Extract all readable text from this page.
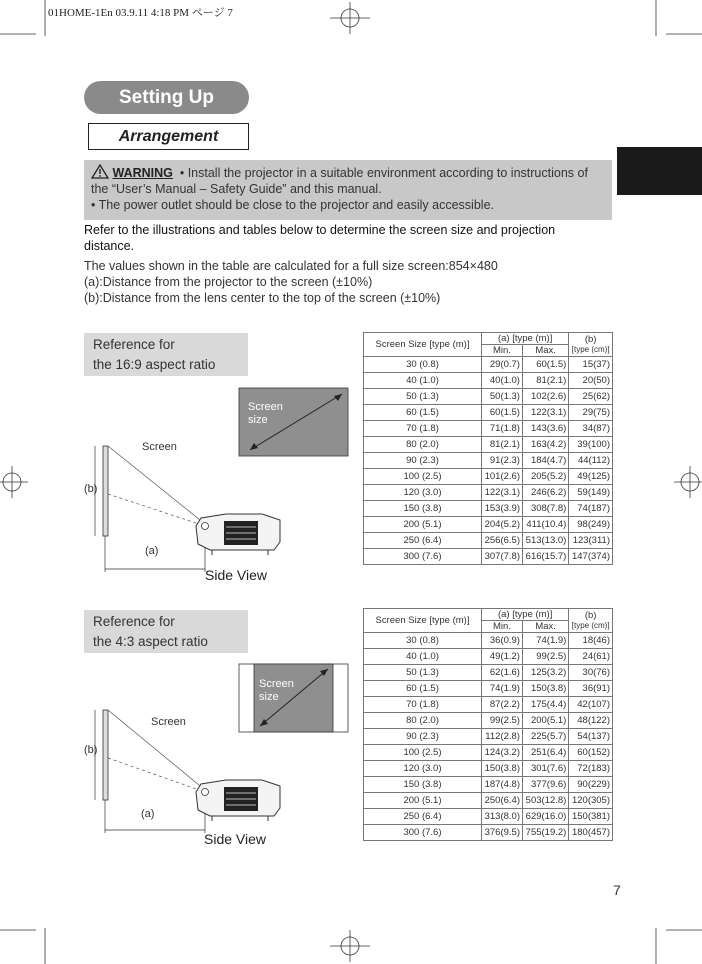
01HOME-1En 03.9.11 4:18 PM ページ 7
Setting Up
Arrangement
WARNING • Install the projector in a suitable environment according to instructions of the “User’s Manual – Safety Guide” and this manual.
• The power outlet should be close to the projector and easily accessible.
Refer to the illustrations and tables below to determine the screen size and projection distance.
The values shown in the table are calculated for a full size screen:854×480
(a):Distance from the projector to the screen (±10%)
(b):Distance from the lens center to the top of the screen (±10%)
Reference for
the 16:9 aspect ratio
Screen size
Screen
(b)
(a)
Side View
Screen Size [type (m)]	(a) [type (m)]		(b)
[type (cm)]
	Min.	Max.	
30 (0.8)	29(0.7)	60(1.5)	15(37)
40 (1.0)	40(1.0)	81(2.1)	20(50)
50 (1.3)	50(1.3)	102(2.6)	25(62)
60 (1.5)	60(1.5)	122(3.1)	29(75)
70 (1.8)	71(1.8)	143(3.6)	34(87)
80 (2.0)	81(2.1)	163(4.2)	39(100)
90 (2.3)	91(2.3)	184(4.7)	44(112)
100 (2.5)	101(2.6)	205(5.2)	49(125)
120 (3.0)	122(3.1)	246(6.2)	59(149)
150 (3.8)	153(3.9)	308(7.8)	74(187)
200 (5.1)	204(5.2)	411(10.4)	98(249)
250 (6.4)	256(6.5)	513(13.0)	123(311)
300 (7.6)	307(7.8)	616(15.7)	147(374)
Reference for
the 4:3 aspect ratio
Screen size
Screen
(b)
(a)
Side View
Screen Size [type (m)]	(a) [type (m)]		(b)
[type (cm)]
	Min.	Max.	
30 (0.8)	36(0.9)	74(1.9)	18(46)
40 (1.0)	49(1.2)	99(2.5)	24(61)
50 (1.3)	62(1.6)	125(3.2)	30(76)
60 (1.5)	74(1.9)	150(3.8)	36(91)
70 (1.8)	87(2.2)	175(4.4)	42(107)
80 (2.0)	99(2.5)	200(5.1)	48(122)
90 (2.3)	112(2.8)	225(5.7)	54(137)
100 (2.5)	124(3.2)	251(6.4)	60(152)
120 (3.0)	150(3.8)	301(7.6)	72(183)
150 (3.8)	187(4.8)	377(9.6)	90(229)
200 (5.1)	250(6.4)	503(12.8)	120(305)
250 (6.4)	313(8.0)	629(16.0)	150(381)
300 (7.6)	376(9.5)	755(19.2)	180(457)
7
